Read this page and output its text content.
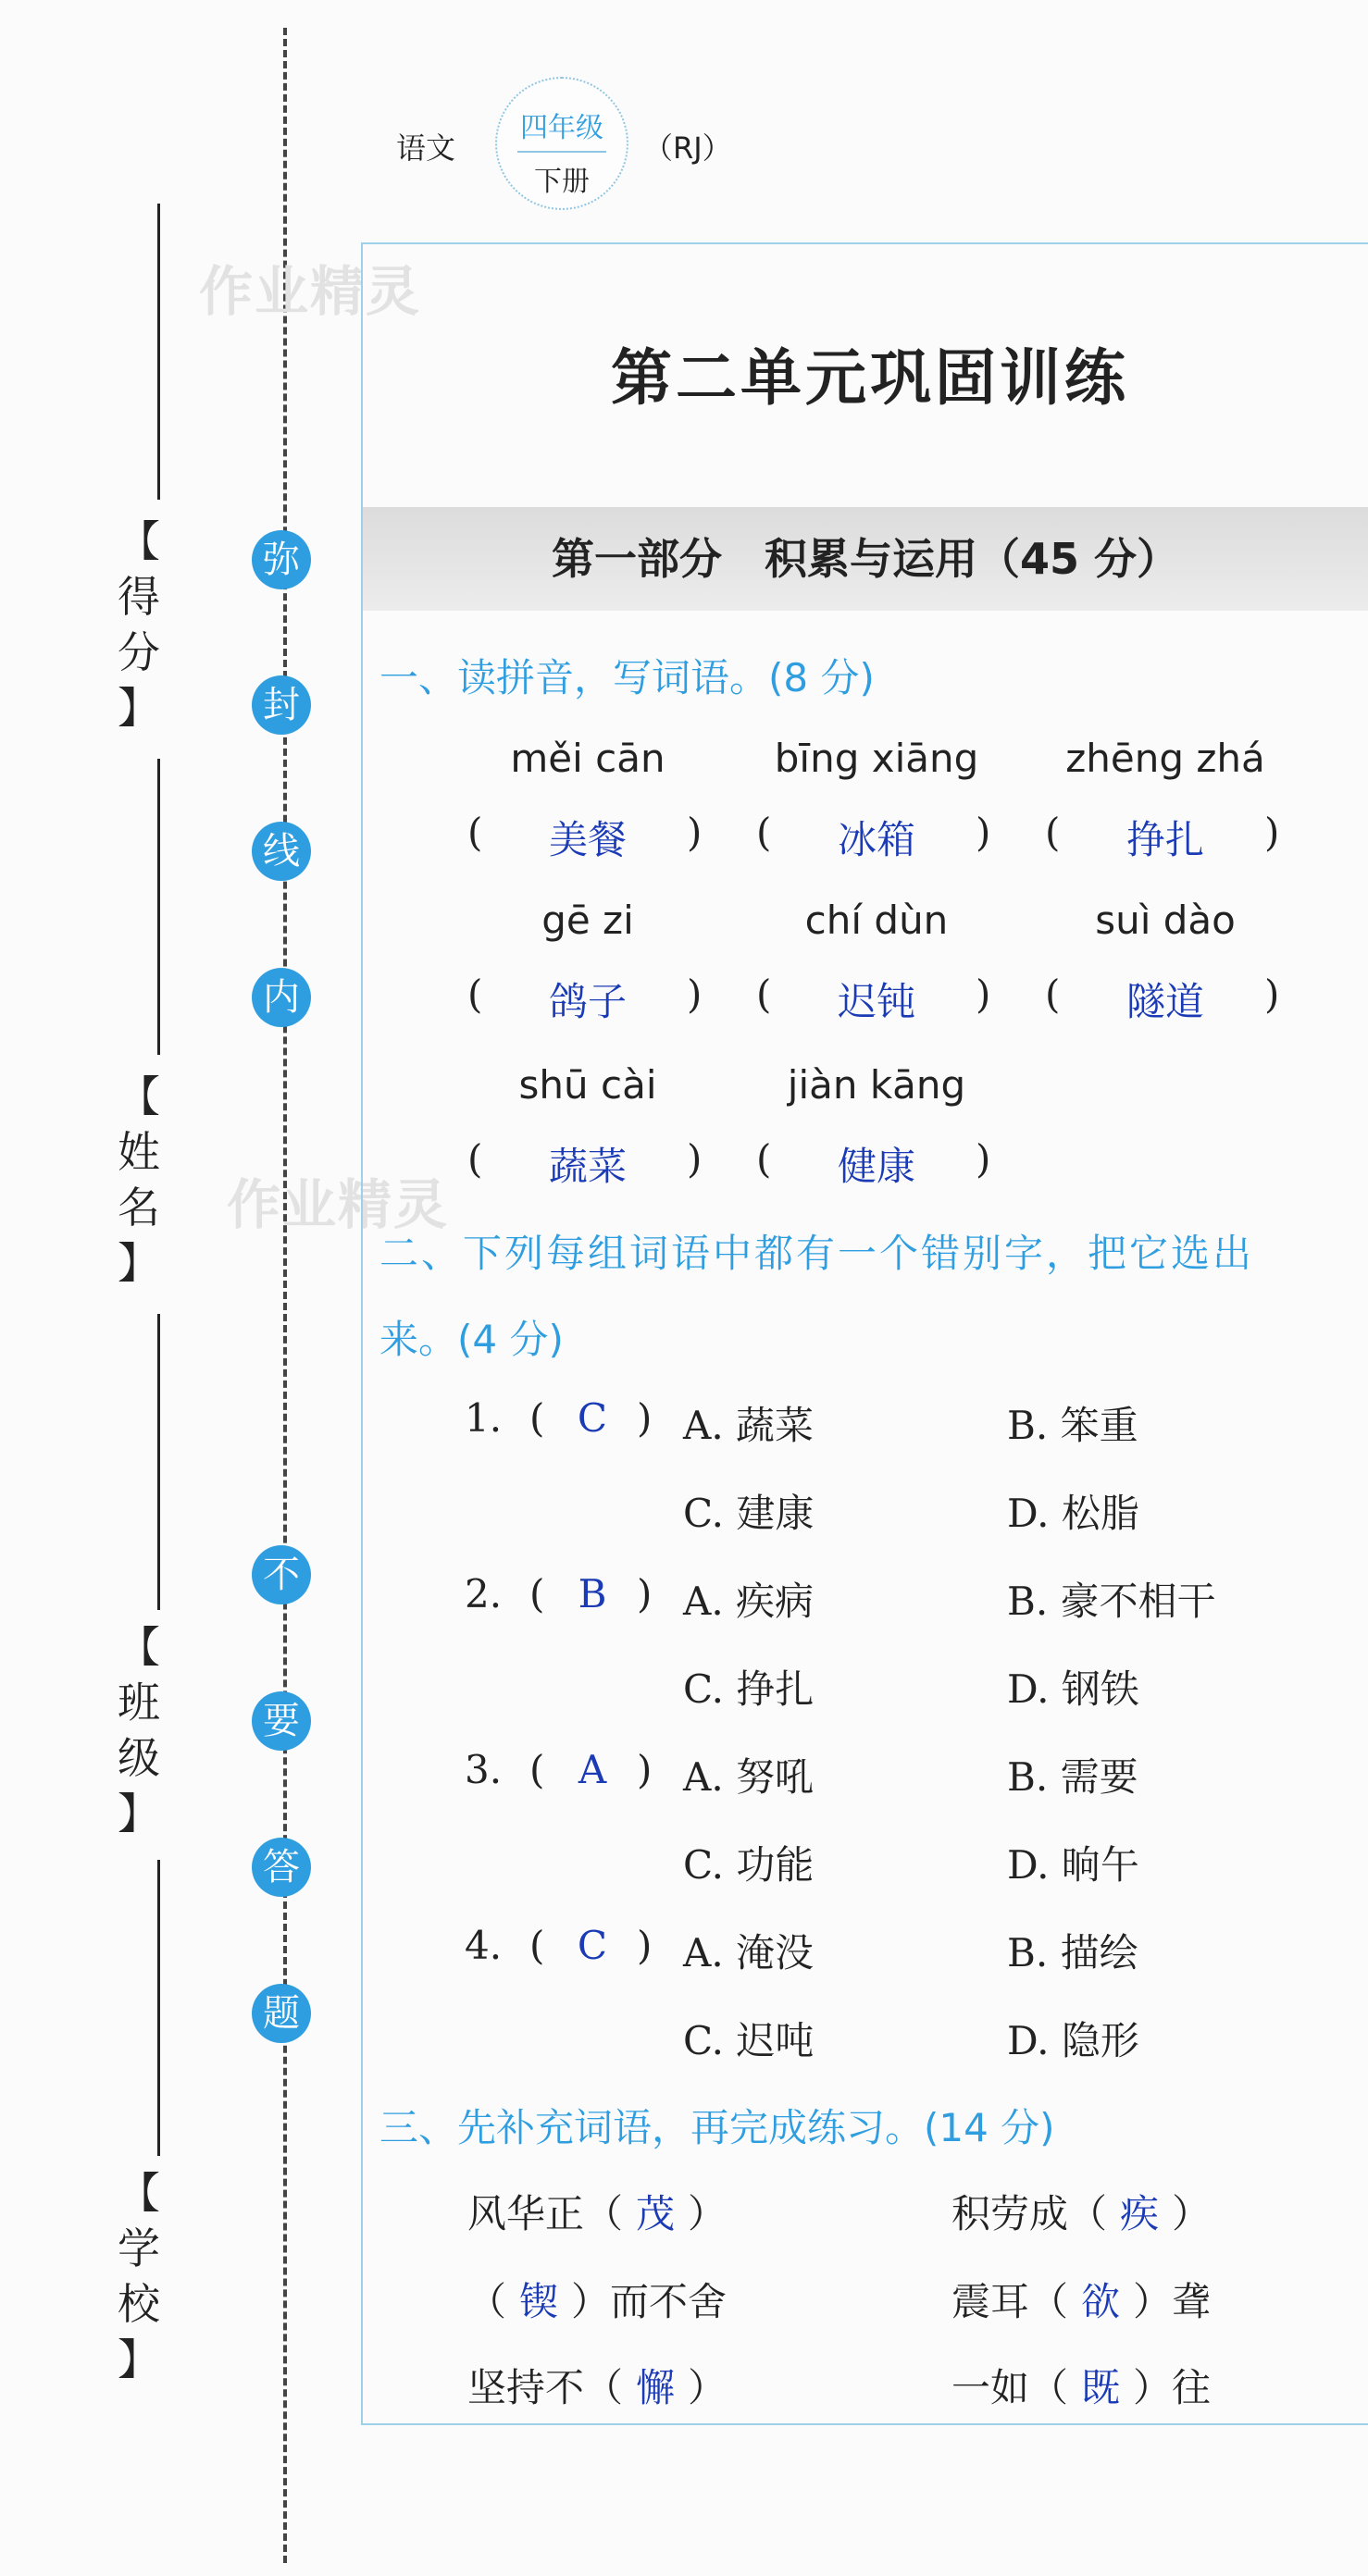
弥
封
线
内
不
要
答
题
【
得
分
】
【
姓
名
】
【
班
级
】
【
学
校
】
语文
四年级
下册
（RJ）
作业精灵
作业精灵
第二单元巩固训练
第一部分　积累与运用（45 分）
一、读拼音，写词语。(8 分)
měi cān	bīng xiāng	zhēng zhá
(	美餐	) (	冰箱	) (	挣扎	)
gē zi	chí dùn	suì dào
(	鸽子	) (	迟钝	) (	隧道	)
shū cài	jiàn kāng
(	蔬菜	) (	健康	)
二、下列每组词语中都有一个错别字，把它选出
来。(4 分)
1. ( C ) A. 蔬菜	B. 笨重
C. 建康	D. 松脂
2. ( B ) A. 疾病	B. 豪不相干
C. 挣扎	D. 钢铁
3. ( A ) A. 努吼	B. 需要
C. 功能	D. 晌午
4. ( C ) A. 淹没	B. 描绘
C. 迟吨	D. 隐形
三、先补充词语，再完成练习。(14 分)
风华正（ 茂 ）	积劳成（ 疾 ）
（ 锲 ）而不舍	震耳（ 欲 ）聋
坚持不（ 懈 ）	一如（ 既 ）往
